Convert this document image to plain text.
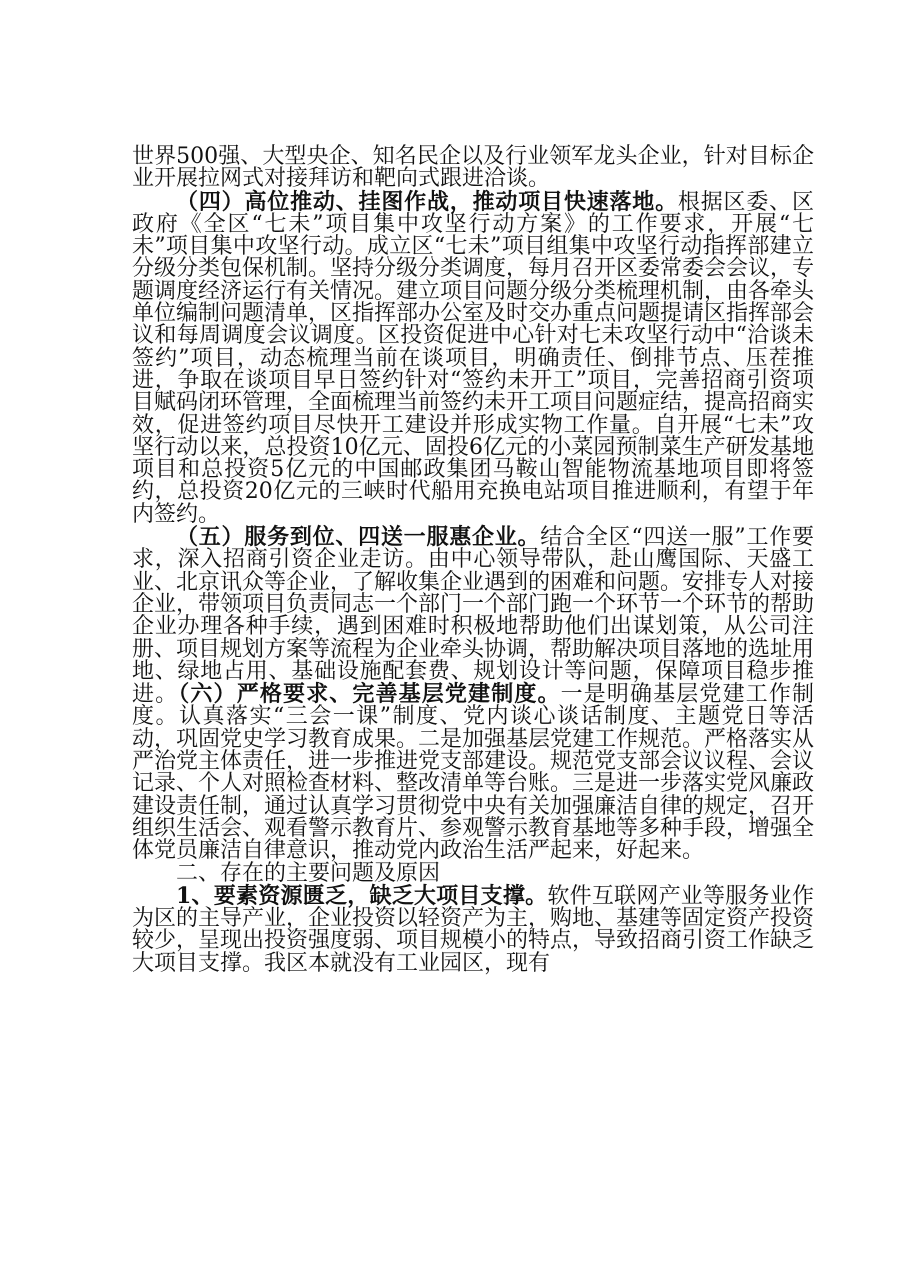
世界500强、大型央企、知名民企以及行业领军龙头企业，针对目标企业开展拉网式对接拜访和靶向式跟进洽谈。

（四）高位推动、挂图作战，推动项目快速落地。根据区委、区政府《全区“七未”项目集中攻坚行动方案》的工作要求，开展“七未”项目集中攻坚行动。成立区“七未”项目组集中攻坚行动指挥部建立分级分类包保机制。坚持分级分类调度，每月召开区委常委会会议，专题调度经济运行有关情况。建立项目问题分级分类梳理机制，由各牵头单位编制问题清单，区指挥部办公室及时交办重点问题提请区指挥部会议和每周调度会议调度。区投资促进中心针对七未攻坚行动中“洽谈未签约”项目，动态梳理当前在谈项目，明确责任、倒排节点、压茬推进，争取在谈项目早日签约针对“签约未开工”项目，完善招商引资项目赋码闭环管理，全面梳理当前签约未开工项目问题症结，提高招商实效，促进签约项目尽快开工建设并形成实物工作量。自开展“七未”攻坚行动以来，总投资10亿元、固投6亿元的小菜园预制菜生产研发基地项目和总投资5亿元的中国邮政集团马鞍山智能物流基地项目即将签约，总投资20亿元的三峡时代船用充换电站项目推进顺利，有望于年内签约。

（五）服务到位、四送一服惠企业。结合全区“四送一服”工作要求，深入招商引资企业走访。由中心领导带队，赴山鹰国际、天盛工业、北京讯众等企业，了解收集企业遇到的困难和问题。安排专人对接企业，带领项目负责同志一个部门一个部门跑一个环节一个环节的帮助企业办理各种手续，遇到困难时积极地帮助他们出谋划策，从公司注册、项目规划方案等流程为企业牵头协调，帮助解决项目落地的选址用地、绿地占用、基础设施配套费、规划设计等问题，保障项目稳步推进。（六）严格要求、完善基层党建制度。一是明确基层党建工作制度。认真落实“三会一课”制度、党内谈心谈话制度、主题党日等活动，巩固党史学习教育成果。二是加强基层党建工作规范。严格落实从严治党主体责任，进一步推进党支部建设。规范党支部会议议程、会议记录、个人对照检查材料、整改清单等台账。三是进一步落实党风廉政建设责任制，通过认真学习贯彻党中央有关加强廉洁自律的规定，召开组织生活会、观看警示教育片、参观警示教育基地等多种手段，增强全体党员廉洁自律意识，推动党内政治生活严起来，好起来。

二、存在的主要问题及原因

1、要素资源匮乏，缺乏大项目支撑。软件互联网产业等服务业作为区的主导产业，企业投资以轻资产为主，购地、基建等固定资产投资较少，呈现出投资强度弱、项目规模小的特点，导致招商引资工作缺乏大项目支撑。我区本就没有工业园区，现有
